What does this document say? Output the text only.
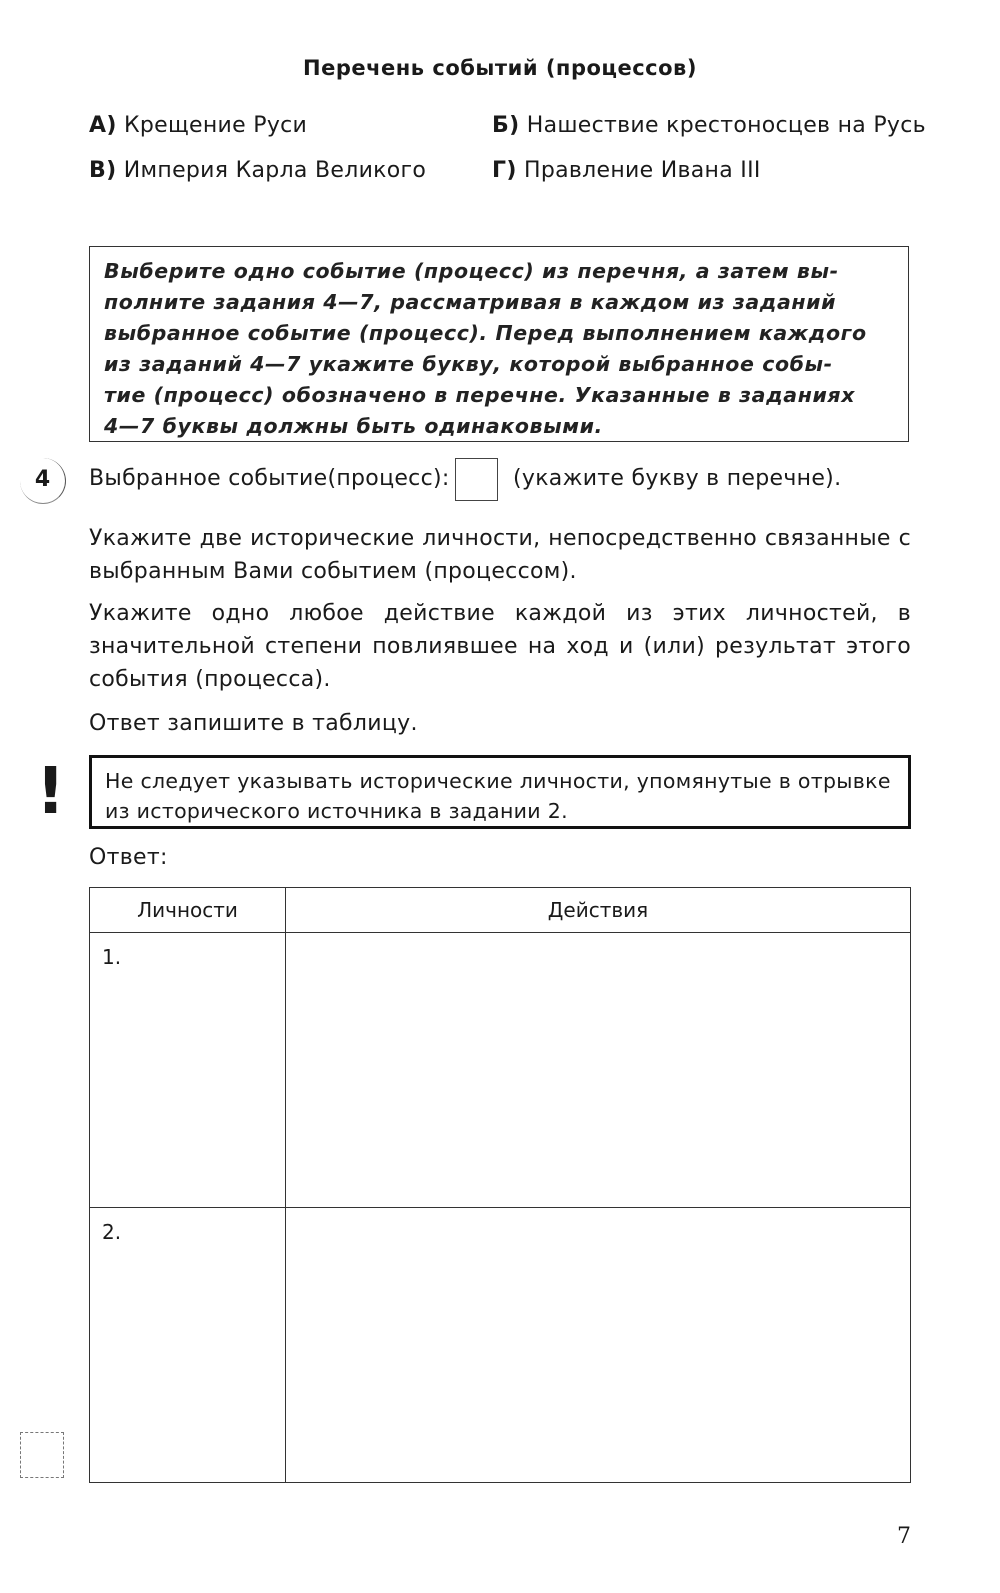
Перечень событий (процессов)
А) Крещение Руси	Б) Нашествие крестоносцев на Русь
В) Империя Карла Великого	Г) Правление Ивана III
Выберите одно событие (процесс) из перечня, а затем вы-
полните задания 4—7, рассматривая в каждом из заданий
выбранное событие (процесс). Перед выполнением каждого
из заданий 4—7 укажите букву, которой выбранное собы-
тие (процесс) обозначено в перечне. Указанные в заданиях
4—7 буквы должны быть одинаковыми.
4	Выбранное событие(процесс):	(укажите букву в перечне).
Укажите две исторические личности, непосредственно связанные с выбранным Вами событием (процессом).
Укажите одно любое действие каждой из этих личностей, в значительной степени повлиявшее на ход и (или) результат этого события (процесса).
Ответ запишите в таблицу.
!	Не следует указывать исторические личности, упомянутые в отрывке из исторического источника в задании 2.
Ответ:
Личности	Действия
1.	
2.	
7
